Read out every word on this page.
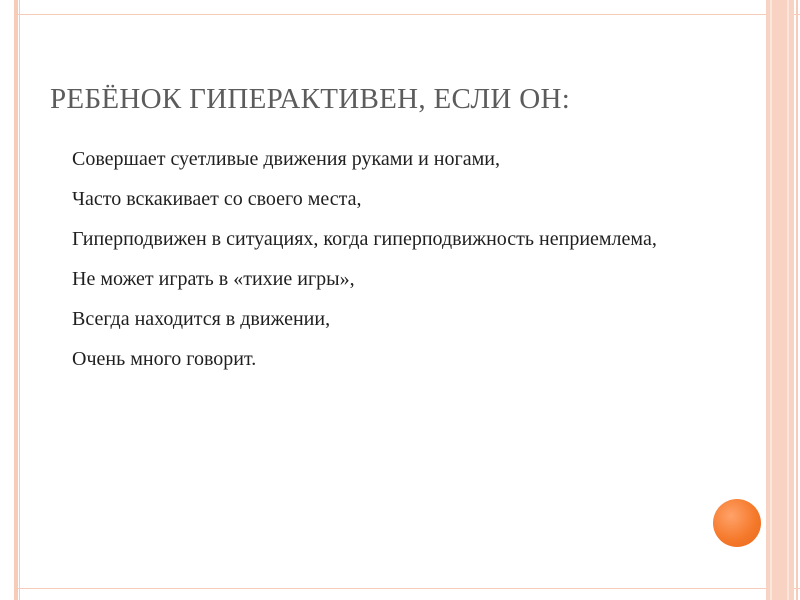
РЕБЁНОК ГИПЕРАКТИВЕН, ЕСЛИ ОН:
Совершает суетливые движения руками и ногами,
Часто вскакивает со своего места,
Гиперподвижен в ситуациях, когда гиперподвижность неприемлема,
Не может играть в «тихие игры»,
Всегда находится в движении,
Очень много говорит.
